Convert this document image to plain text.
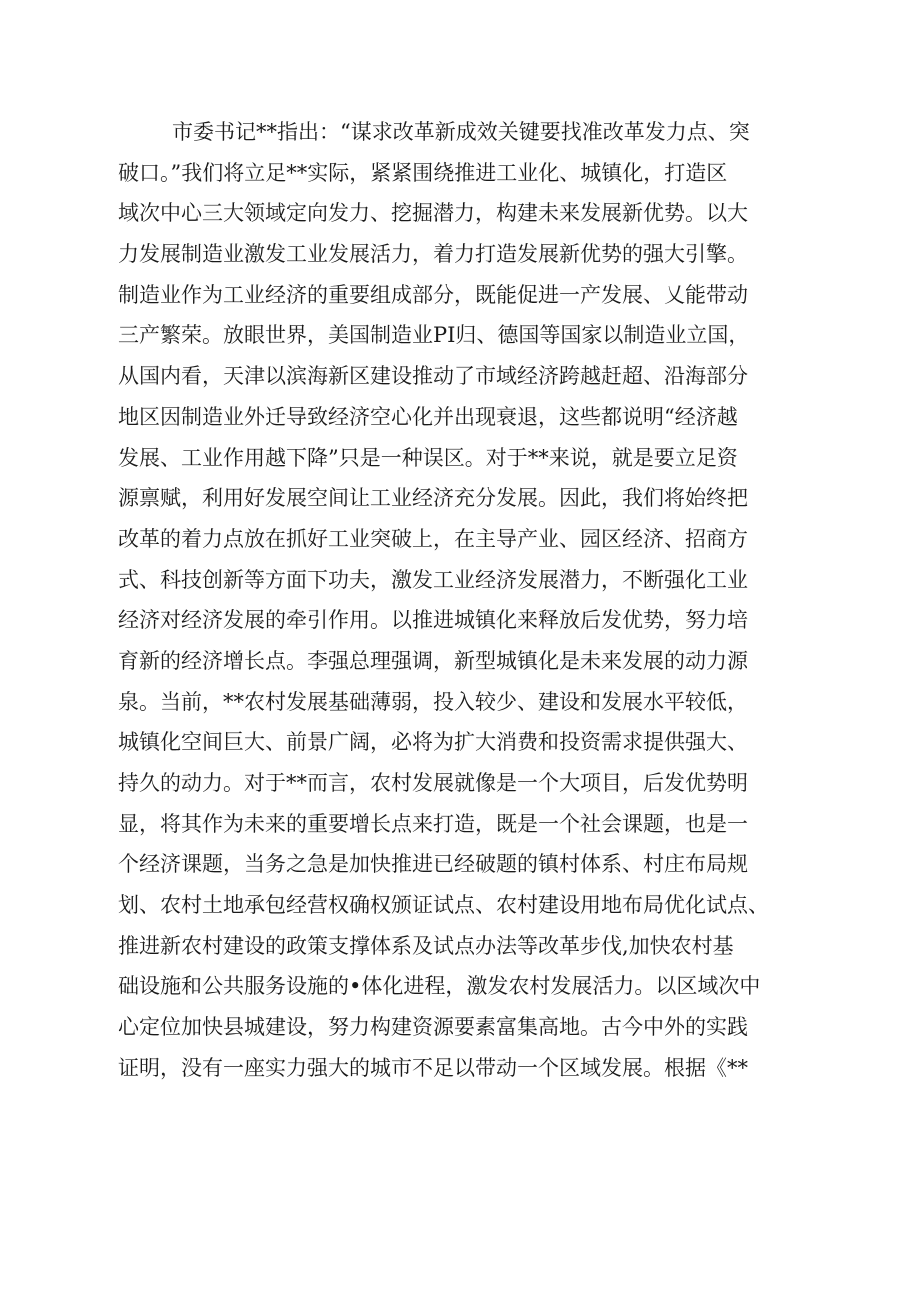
市委书记**指出：“谋求改革新成效关键要找准改革发力点、突
破口。”我们将立足**实际，紧紧围绕推进工业化、城镇化，打造区
域次中心三大领域定向发力、挖掘潜力，构建未来发展新优势。以大
力发展制造业激发工业发展活力，着力打造发展新优势的强大引擎。
制造业作为工业经济的重要组成部分，既能促进一产发展、乂能带动
三产繁荣。放眼世界，美国制造业PI归、德国等国家以制造业立国，
从国内看，天津以滨海新区建设推动了市域经济跨越赶超、沿海部分
地区因制造业外迁导致经济空心化并出现衰退，这些都说明“经济越
发展、工业作用越下降”只是一种误区。对于**来说，就是要立足资
源禀赋，利用好发展空间让工业经济充分发展。因此，我们将始终把
改革的着力点放在抓好工业突破上，在主导产业、园区经济、招商方
式、科技创新等方面下功夫，激发工业经济发展潜力，不断强化工业
经济对经济发展的牵引作用。以推进城镇化来释放后发优势，努力培
育新的经济增长点。李强总理强调，新型城镇化是未来发展的动力源
泉。当前，**农村发展基础薄弱，投入较少、建设和发展水平较低，
城镇化空间巨大、前景广阔，必将为扩大消费和投资需求提供强大、
持久的动力。对于**而言，农村发展就像是一个大项目，后发优势明
显，将其作为未来的重要增长点来打造，既是一个社会课题，也是一
个经济课题，当务之急是加快推进已经破题的镇村体系、村庄布局规
划、农村土地承包经营权确权颁证试点、农村建设用地布局优化试点、
推进新农村建设的政策支撑体系及试点办法等改革步伐,加快农村基
础设施和公共服务设施的•体化进程，激发农村发展活力。以区域次中
心定位加快县城建设，努力构建资源要素富集高地。古今中外的实践
证明，没有一座实力强大的城市不足以带动一个区域发展。根据《**
